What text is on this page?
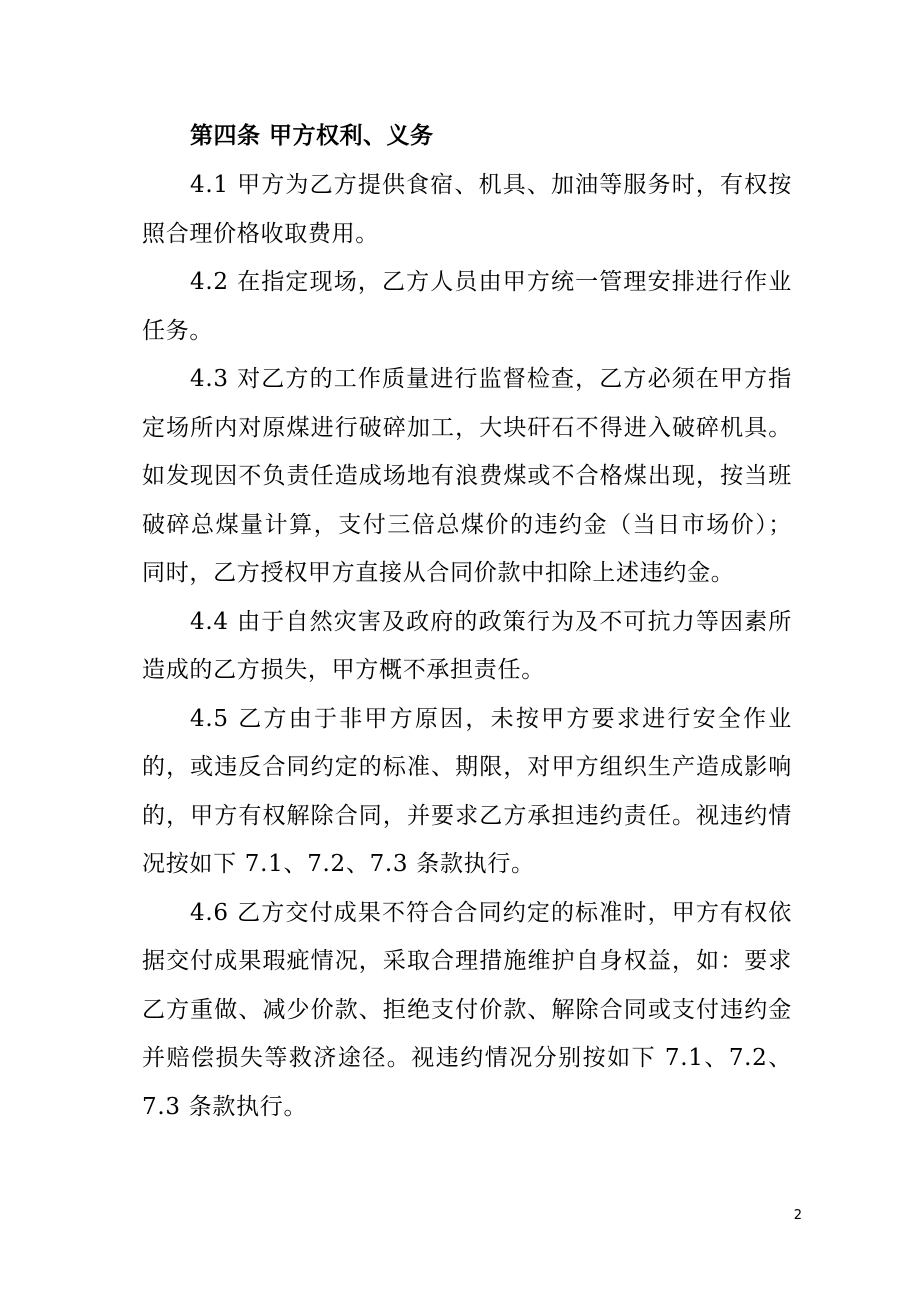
第四条 甲方权利、义务

4.1 甲方为乙方提供食宿、机具、加油等服务时，有权按照合理价格收取费用。

4.2 在指定现场，乙方人员由甲方统一管理安排进行作业任务。

4.3 对乙方的工作质量进行监督检查，乙方必须在甲方指定场所内对原煤进行破碎加工，大块矸石不得进入破碎机具。如发现因不负责任造成场地有浪费煤或不合格煤出现，按当班破碎总煤量计算，支付三倍总煤价的违约金（当日市场价）；同时，乙方授权甲方直接从合同价款中扣除上述违约金。

4.4 由于自然灾害及政府的政策行为及不可抗力等因素所造成的乙方损失，甲方概不承担责任。

4.5 乙方由于非甲方原因，未按甲方要求进行安全作业的，或违反合同约定的标准、期限，对甲方组织生产造成影响的，甲方有权解除合同，并要求乙方承担违约责任。视违约情况按如下 7.1、7.2、7.3 条款执行。

4.6 乙方交付成果不符合合同约定的标准时，甲方有权依据交付成果瑕疵情况，采取合理措施维护自身权益，如：要求乙方重做、减少价款、拒绝支付价款、解除合同或支付违约金并赔偿损失等救济途径。视违约情况分别按如下 7.1、7.2、7.3 条款执行。

2
